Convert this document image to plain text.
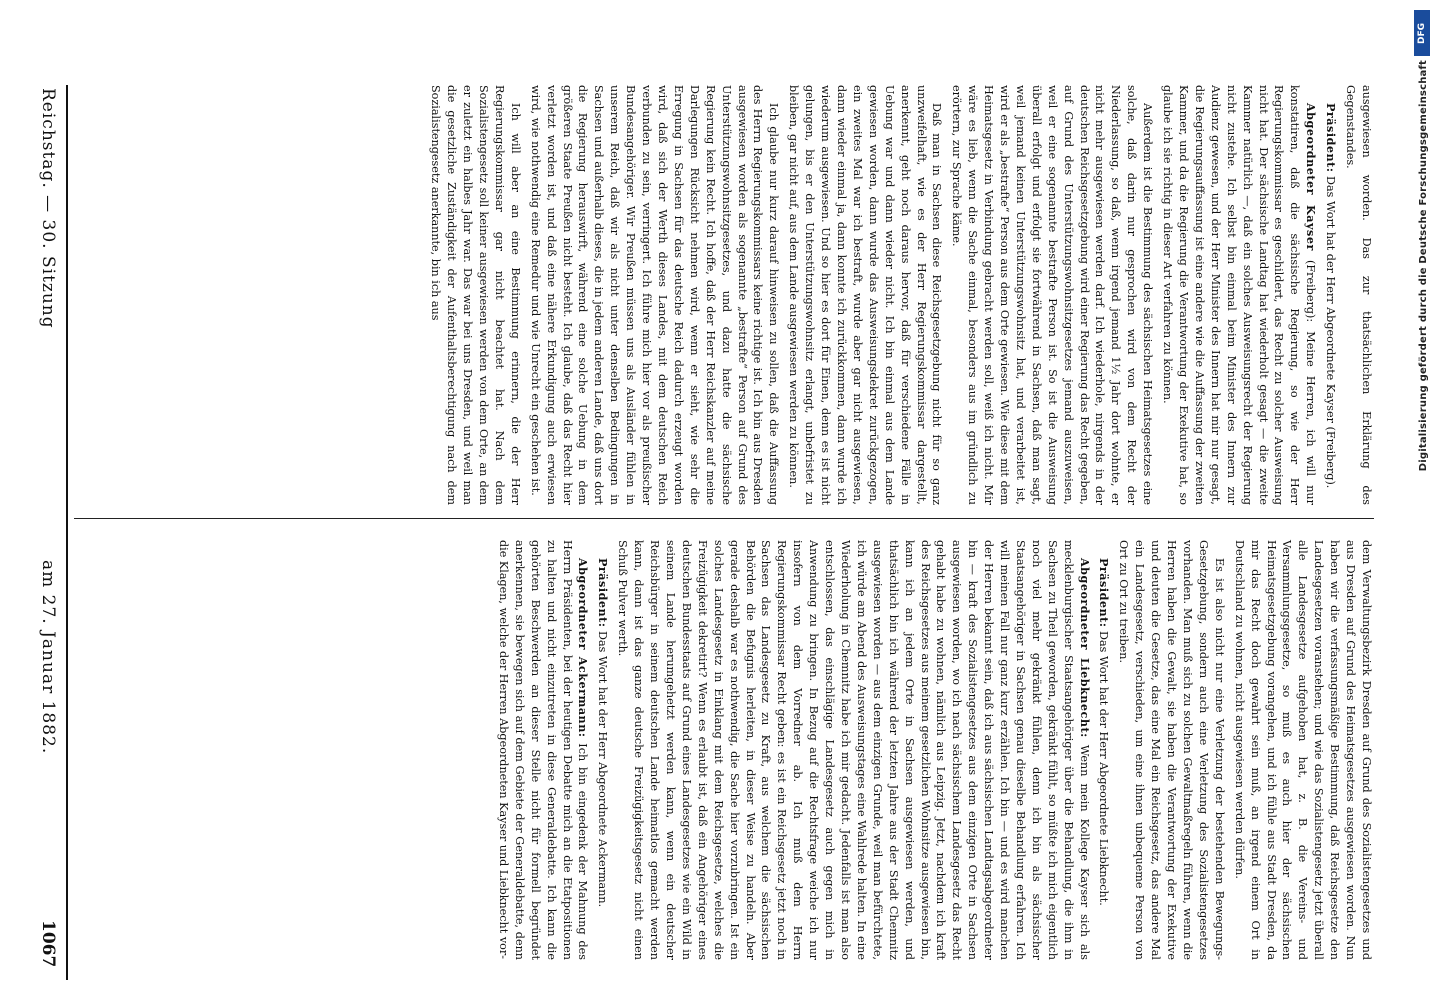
Reichstag. — 30. Sitzung
am 27. Januar 1882.
1067

ausgewiesen worden. Das zur thatsächlichen Erklärung des Gegenstandes.

Präsident: Das Wort hat der Herr Abgeordnete Kayser (Freiberg).

Abgeordneter Kayser (Freiberg): Meine Herren, ich will nur konstatiren, daß die sächsische Regierung, so wie der Herr Regierungskommissar es geschildert, das Recht zu solcher Ausweisung nicht hat. Der sächsische Landtag hat wiederholt gesagt — die zweite Kammer natürlich —, daß ein solches Ausweisungsrecht der Regierung nicht zustehe. Ich selbst bin einmal beim Minister des Innern zur Audienz gewesen, und der Herr Minister des Innern hat mir nur gesagt, die Regierungsauffassung ist eine andere wie die Auffassung der zweiten Kammer, und da die Regierung die Verantwortung der Exekutive hat, so glaube ich sie richtig in dieser Art verfahren zu können.

Außerdem ist die Bestimmung des sächsischen Heimatsgesetzes eine solche, daß darin nur gesprochen wird von dem Recht der Niederlassung, so daß, wenn irgend jemand 1½ Jahr dort wohnte, er nicht mehr ausgewiesen werden darf. Ich wiederhole, nirgends in der deutschen Reichsgesetzgebung wird einer Regierung das Recht gegeben, auf Grund des Unterstützungswohnsitzgesetzes jemand auszuweisen, weil er eine sogenannte bestrafte Person ist. So ist die Ausweisung überall erfolgt und erfolgt sie fortwährend in Sachsen, daß man sagt, weil jemand keinen Unterstützungswohnsitz hat, und verarbeitet ist, wird er als „bestrafte“ Person aus dem Orte gewiesen. Wie diese mit dem Heimatsgesetz in Verbindung gebracht werden soll, weiß ich nicht. Mir wäre es lieb, wenn die Sache einmal, besonders aus im gründlich zu erörtern, zur Sprache käme.

Daß man in Sachsen diese Reichsgesetzgebung nicht für so ganz unzweifelhaft, wie es der Herr Regierungskommissar dargestellt, anerkennt, geht noch daraus hervor, daß für verschiedene Fälle in Uebung war und dann wieder nicht. Ich bin einmal aus dem Lande gewiesen worden, dann wurde das Ausweisungsdekret zurückgezogen, ein zweites Mal war ich bestraft, wurde aber gar nicht ausgewiesen, dann wieder einmal ja, dann konnte ich zurückkommen, dann wurde ich wiederum ausgewiesen. Und so hier es dort für Einen, denn es ist nicht gelungen, bis er den Unterstützungswohnsitz erlangt, unbefristet zu bleiben, gar nicht auf, aus dem Lande ausgewiesen werden zu können.

Ich glaube nur kurz darauf hinweisen zu sollen, daß die Auffassung des Herrn Regierungskommissars keine richtige ist. Ich bin aus Dresden ausgewiesen worden als sogenannte „bestrafte“ Person auf Grund des Unterstützungswohnsitzgesetzes, und dazu hatte die sächsische Regierung kein Recht. Ich hoffe, daß der Herr Reichskanzler auf meine Darlegungen Rücksicht nehmen wird, wenn er sieht, wie sehr die Erregung in Sachsen für das deutsche Reich dadurch erzeugt worden wird, daß sich der Werth dieses Landes, mit dem deutschen Reich verbunden zu sein, verringert. Ich führe mich hier vor als preußischer Bundesangehöriger. Wir Preußen müssen uns als Ausländer fühlen in unserem Reich, daß wir als nicht unter denselben Bedingungen in Sachsen und außerhalb dieses, die in jedem anderen Lande, daß uns dort die Regierung herauswirft, während eine solche Uebung in dem größeren Staate Preußen nicht besteht. Ich glaube, daß das Recht hier verletzt worden ist, und daß eine nähere Erkundigung auch erwiesen wird, wie nothwendig eine Remedur und wie Unrecht ein geschehen ist.

Ich will aber an eine Bestimmung erinnern, die der Herr Regierungskommissar gar nicht beachtet hat. Nach dem Sozialistengesetz soll keiner ausgewiesen werden von dem Orte, an dem er zuletzt ein halbes Jahr war. Das war bei uns Dresden, und weil man die gesetzliche Zuständigkeit der Aufenthaltsberechtigung nach dem Sozialistengesetz anerkannte, bin ich aus

dem Verwaltungsbezirk Dresden auf Grund des Sozialistengesetzes und aus Dresden auf Grund des Heimatsgesetzes ausgewiesen worden. Nun haben wir die verfassungsmäßige Bestimmung, daß Reichsgesetze den Landesgesetzen voranstehen; und wie das Sozialistengesetz jetzt überall alle Landesgesetze aufgehoben hat, z. B. die Vereins- und Versammlungsgesetze, so muß es auch hier der sächsischen Heimatsgesetzgebung vorangehen, und ich fühle aus Stadt Dresden, da mir das Recht doch gewahrt sein muß, an irgend einem Ort in Deutschland zu wohnen, nicht ausgewiesen werden dürfen.

Es ist also nicht nur eine Verletzung der bestehenden Bewegungs-Gesetzgebung, sondern auch eine Verletzung des Sozialistengesetzes vorhanden. Man muß sich zu solchen Gewaltmaßregeln führen, wenn die Herren haben die Gewalt, sie haben die Verantwortung der Exekutive und deuten die Gesetze, das eine Mal ein Reichsgesetz, das andere Mal ein Landesgesetz, verschieden, um eine ihnen unbequeme Person von Ort zu Ort zu treiben.

Präsident: Das Wort hat der Herr Abgeordnete Liebknecht.

Abgeordneter Liebknecht: Wenn mein Kollege Kayser sich als mecklenburgischer Staatsangehöriger über die Behandlung, die ihm in Sachsen zu Theil geworden, gekränkt fühlt, so müßte ich mich eigentlich noch viel mehr gekränkt fühlen, denn ich bin als sächsischer Staatsangehöriger in Sachsen genau dieselbe Behandlung erfahren. Ich will meinen Fall nur ganz kurz erzählen. Ich bin — und es wird manchen der Herren bekannt sein, daß ich aus sächsischen Landtagsabgeordneter bin — kraft des Sozialistengesetzes aus dem einzigen Orte in Sachsen ausgewiesen worden, wo ich nach sächsischem Landesgesetz das Recht gehabt habe zu wohnen, nämlich aus Leipzig. Jetzt, nachdem ich kraft des Reichsgesetzes aus meinem gesetzlichen Wohnsitze ausgewiesen bin, kann ich an jedem Orte in Sachsen ausgewiesen werden, und thatsächlich bin ich während der letzten Jahre aus der Stadt Chemnitz ausgewiesen worden — aus dem einzigen Grunde, weil man befürchtete, ich würde am Abend des Ausweisungstages eine Wahlrede halten. In eine Wiederholung in Chemnitz habe ich mir gedacht. Jedenfalls ist man also entschlossen, das einschlägige Landesgesetz auch gegen mich in Anwendung zu bringen. In Bezug auf die Rechtsfrage weiche ich nur insofern von dem Vorredner ab. Ich muß dem Herrn Regierungskommissar Recht geben: es ist ein Reichsgesetz jetzt noch in Sachsen das Landesgesetz zu Kraft, aus welchem die sächsischen Behörden die Befugnis herleiten, in dieser Weise zu handeln. Aber gerade deshalb war es nothwendig, die Sache hier vorzubringen. Ist ein solches Landesgesetz in Einklang mit dem Reichsgesetze, welches die Freizügigkeit dekretirt? Wenn es erlaubt ist, daß ein Angehöriger eines deutschen Bundesstaats auf Grund eines Landesgesetzes wie ein Wild in seinem Lande herumgehetzt werden kann, wenn ein deutscher Reichsbürger in seinem deutschen Lande heimatlos gemacht werden kann, dann ist das ganze deutsche Freizügigkeitsgesetz nicht einen Schuß Pulver werth.

Präsident: Das Wort hat der Herr Abgeordnete Ackermann.

Abgeordneter Ackermann: Ich bin eingedenk der Mahnung des Herrn Präsidenten, bei der heutigen Debatte mich an die Etatpositionen zu halten und nicht einzutreten in diese Generaldebatte. Ich kann die gehörten Beschwerden an dieser Stelle nicht für formell begründet anerkennen, sie bewegen sich auf dem Gebiete der Generaldebatte, denn die Klagen, welche der Herren Abgeordneten Kayser und Liebknecht vor-

DFG
Digitalisierung gefördert durch die Deutsche Forschungsgemeinschaft
